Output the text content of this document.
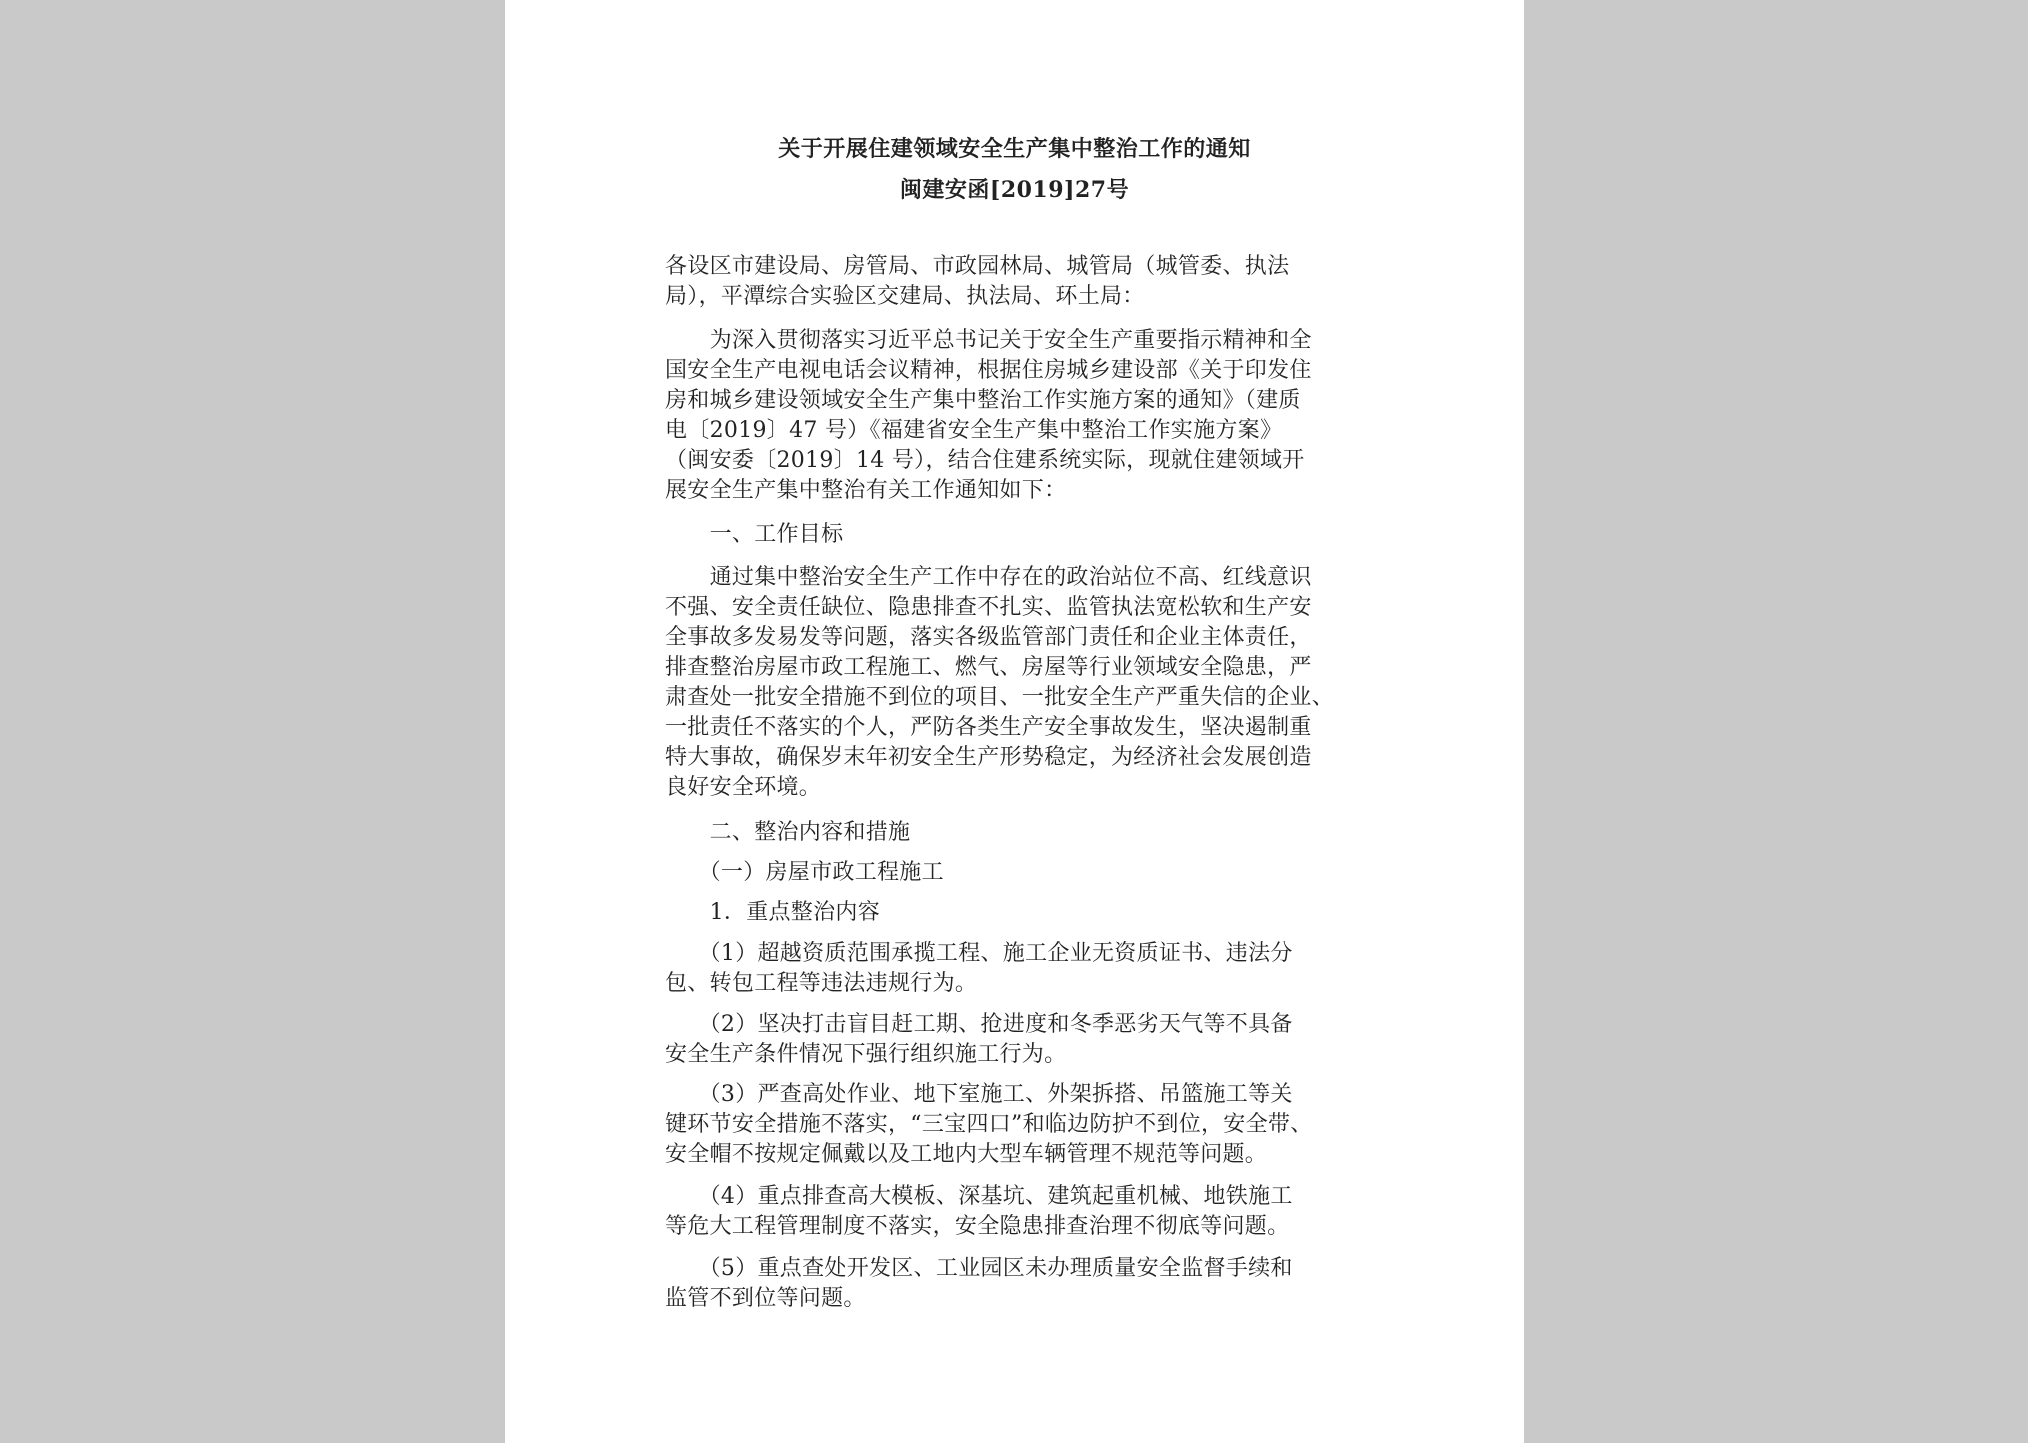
关于开展住建领域安全生产集中整治工作的通知
闽建安函[2019]27号
各设区市建设局、房管局、市政园林局、城管局（城管委、执法
局），平潭综合实验区交建局、执法局、环土局：
　　为深入贯彻落实习近平总书记关于安全生产重要指示精神和全
国安全生产电视电话会议精神，根据住房城乡建设部《关于印发住
房和城乡建设领域安全生产集中整治工作实施方案的通知》（建质
电〔2019〕47 号）《福建省安全生产集中整治工作实施方案》
（闽安委〔2019〕14 号），结合住建系统实际，现就住建领域开
展安全生产集中整治有关工作通知如下：
　　一、工作目标
　　通过集中整治安全生产工作中存在的政治站位不高、红线意识
不强、安全责任缺位、隐患排查不扎实、监管执法宽松软和生产安
全事故多发易发等问题，落实各级监管部门责任和企业主体责任，
排查整治房屋市政工程施工、燃气、房屋等行业领域安全隐患，严
肃查处一批安全措施不到位的项目、一批安全生产严重失信的企业、
一批责任不落实的个人，严防各类生产安全事故发生，坚决遏制重
特大事故，确保岁末年初安全生产形势稳定，为经济社会发展创造
良好安全环境。
　　二、整治内容和措施
　　（一）房屋市政工程施工
　　1．重点整治内容
　　（1）超越资质范围承揽工程、施工企业无资质证书、违法分
包、转包工程等违法违规行为。
　　（2）坚决打击盲目赶工期、抢进度和冬季恶劣天气等不具备
安全生产条件情况下强行组织施工行为。
　　（3）严查高处作业、地下室施工、外架拆搭、吊篮施工等关
键环节安全措施不落实，“三宝四口”和临边防护不到位，安全带、
安全帽不按规定佩戴以及工地内大型车辆管理不规范等问题。
　　（4）重点排查高大模板、深基坑、建筑起重机械、地铁施工
等危大工程管理制度不落实，安全隐患排查治理不彻底等问题。
　　（5）重点查处开发区、工业园区未办理质量安全监督手续和
监管不到位等问题。
